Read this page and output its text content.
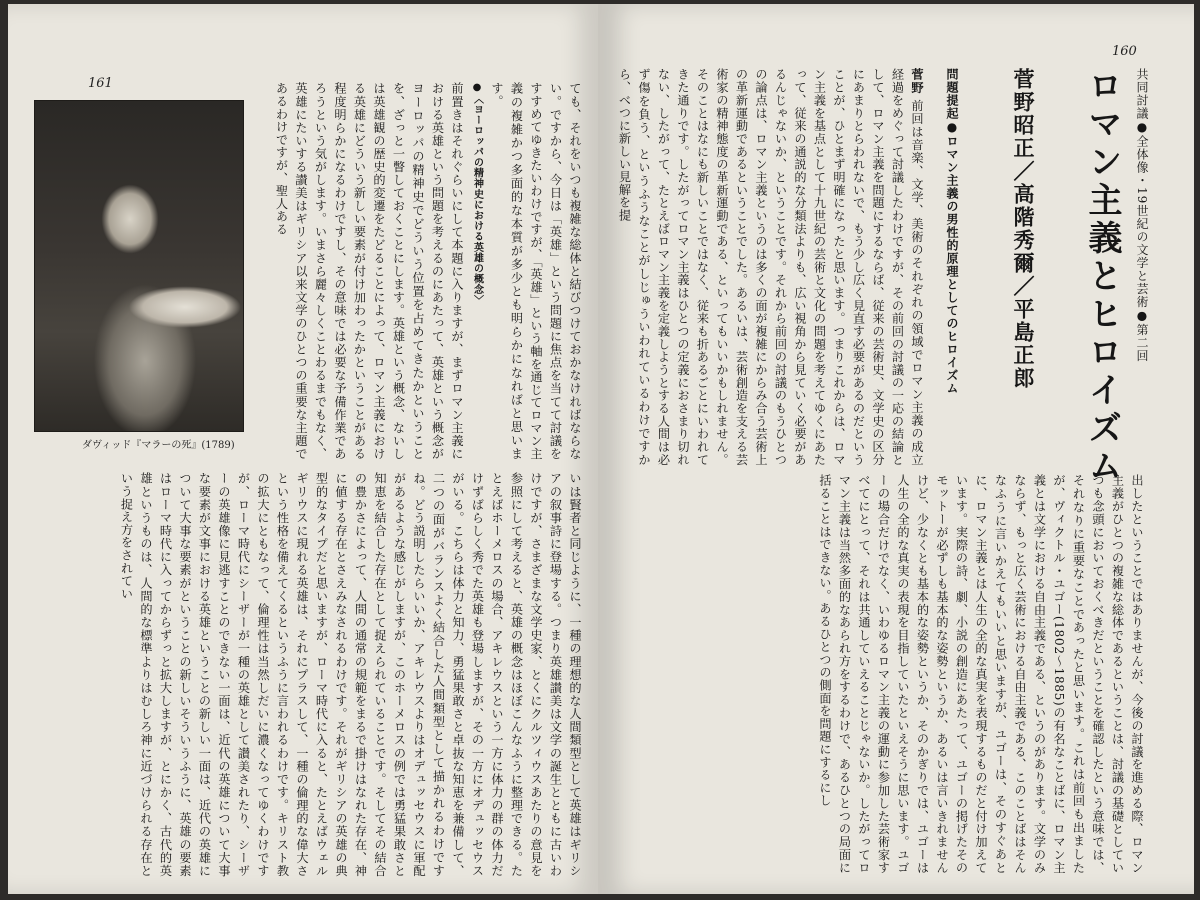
161
ダヴィッド『マラーの死』(1789)	ても、それをいつも複雑な総体と結びつけておかなければならない。ですから、今日は「英雄」という問題に焦点を当てて討議をすすめてゆきたいわけですが、「英雄」という軸を通じてロマン主義の複雑かつ多面的な本質が多少とも明らかになればと思います。
●〈ヨーロッパの精神史における英雄の概念〉
前置きはそれぐらいにして本題に入りますが、まずロマン主義における英雄という問題を考えるのにあたって、英雄という概念がヨーロッパの精神史でどういう位置を占めてきたかということを、ざっと一瞥しておくことにします。英雄という概念、ないしは英雄観の歴史的変遷をたどることによって、ロマン主義における英雄にどういう新しい要素が付け加わったかということがある程度明らかになるわけですし、その意味では必要な予備作業であろうという気がします。いまさら麗々しくことわるまでもなく、英雄にたいする讃美はギリシア以来文学のひとつの重要な主題であるわけですが、聖人ある
いは賢者と同じように、一種の理想的な人間類型として英雄はギリシアの叙事詩に登場する。つまり英雄讃美は文学の誕生とともに古いわけですが、さまざまな文学史家、とくにクルツィウスあたりの意見を参照にして考えると、英雄の概念はほぼこんなふうに整理できる。たとえばホーメロスの場合、アキレウスという一方に体力の群の体力だけずばらしく秀でた英雄も登場しますが、その一方にオデュッセウスがいる。こちらは体力と知力、勇猛果敢さと卓抜な知恵を兼備して、二つの面がバランスよく結合した人間類型として描かれるわけですね。どう説明したらいいか、アキレウスよりはオデュッセウスに軍配があるような感じがしますが、このホーメロスの例では勇猛果敢さと知恵を結合した存在として捉えられていることです。そしてその結合の豊かさによって、人間の通常の規範をまるで掛けはなれた存在、神に値する存在とさえみなされるわけです。それがギリシアの英雄の典型的なタイプだと思いますが、ローマ時代に入ると、たとえばウェルギリウスに現れる英雄は、それにプラスして、一種の倫理的な偉大さという性格を備えてくるというふうに言われるわけです。キリスト教の拡大にともなって、倫理性は当然しだいに濃くなってゆくわけですが、ローマ時代にシーザーが一種の英雄として讃美されたり、シーザーの英雄像に見逃すことのできない一面は、近代の英雄について大事な要素が文事における英雄ということの新しい一面は、近代の英雄について大事な要素がということの新しいそういうふうに、英雄の要素はローマ時代に入ってからずっと拡大しますが、とにかく、古代的英雄というものは、人間的な標準よりはむしろ神に近づけられる存在という捉え方をされてい
160
共同討議●全体像・19世紀の文学と芸術●第二回
ロマン主義とヒロイズム
菅野昭正／高階秀爾／平島正郎
問題提起●ロマン主義の男性的原理としてのヒロイズム
菅野 前回は音楽、文学、美術のそれぞれの領域でロマン主義の成立経過をめぐって討議したわけですが、その前回の討議の一応の結論として、ロマン主義を問題にするならば、従来の芸術史、文学史の区分にあまりとらわれないで、もう少し広く見直す必要があるのだということが、ひとまず明確になったと思います。つまりこれからは、ロマン主義を基点として十九世紀の芸術と文化の問題を考えてゆくにあたって、従来の通説的な分類法よりも、広い視角から見ていく必要があるんじゃないか、ということです。それから前回の討議のもうひとつの論点は、ロマン主義というのは多くの面が複雑にからみ合う芸術上の革新運動であるということでした。あるいは、芸術創造を支える芸術家の精神態度の革新運動である、といってもいいかもしれません。そのことはなにも新しいことではなく、従来も折あるごとにいわれてきた通りです。したがってロマン主義はひとつの定義におさまり切れない、したがって、たとえばロマン主義を定義しようとする人間は必ず傷を負う、というふうなことがしじゅういわれているわけですから、べつに新しい見解を提
出したということではありませんが、今後の討議を進める際、ロマン主義がひとつの複雑な総体であるということは、討議の基礎としていつも念頭においておくべきだということを確認したという意味では、それなりに重要なことであったと思います。これは前回も出ましたが、ヴィクトル・ユゴー(1802〜1885)の有名なことばに、ロマン主義とは文学における自由主義である、というのがあります。文学のみならず、もっと広く芸術における自由主義である、このことばはそんなふうに言いかえてもいいと思いますが、ユゴーは、そのすぐあとに、ロマン主義とは人生の全的な真実を表現するものだと付け加えています。実際の詩、劇、小説の創造にあたって、ユゴーの掲げたそのモットーが必ずしも基本的な姿勢というか、あるいは言いきれませんけど、少なくとも基本的な姿勢というか、そのかぎりでは、ユゴーは人生の全的な真実の表現を目指していたといえそうに思います。ユゴーの場合だけでなく、いわゆるロマン主義の運動に参加した芸術家すべてにとって、それは共通していえることじゃないか。したがってロマン主義は当然多面的なあられ方をするわけで、あるひとつの局面に括ることはできない。あるひとつの側面を問題にするにし
